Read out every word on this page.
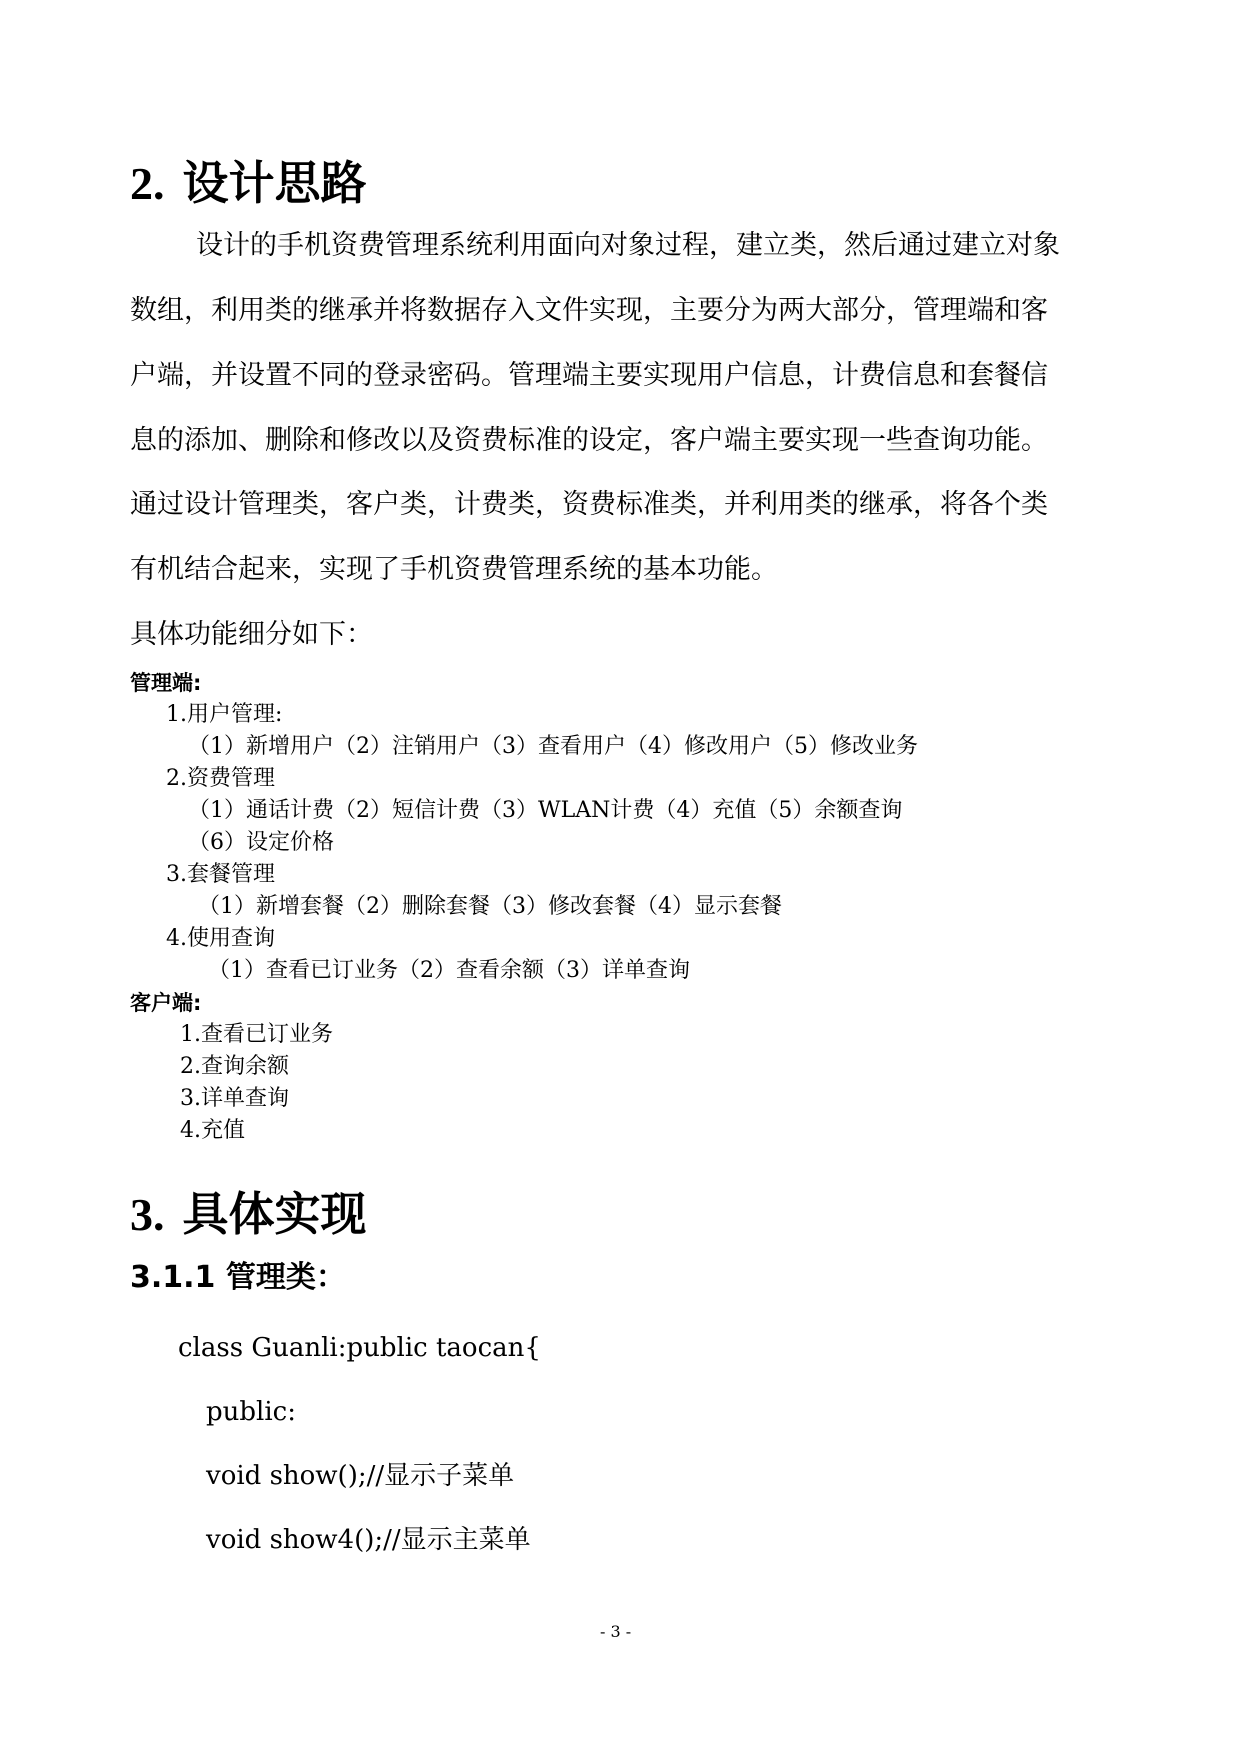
2. 设计思路
设计的手机资费管理系统利用面向对象过程，建立类，然后通过建立对象
数组，利用类的继承并将数据存入文件实现，主要分为两大部分，管理端和客
户端，并设置不同的登录密码。管理端主要实现用户信息，计费信息和套餐信
息的添加、删除和修改以及资费标准的设定，客户端主要实现一些查询功能。
通过设计管理类，客户类，计费类，资费标准类，并利用类的继承，将各个类
有机结合起来，实现了手机资费管理系统的基本功能。
具体功能细分如下：
管理端:
1.用户管理:
（1）新增用户（2）注销用户（3）查看用户（4）修改用户（5）修改业务
2.资费管理
（1）通话计费（2）短信计费（3）WLAN计费（4）充值（5）余额查询
（6）设定价格
3.套餐管理
（1）新增套餐（2）删除套餐（3）修改套餐（4）显示套餐
4.使用查询
（1）查看已订业务（2）查看余额（3）详单查询
客户端:
1.查看已订业务
2.查询余额
3.详单查询
4.充值
3. 具体实现
3.1.1 管理类：
class Guanli:public taocan{
public:
void show();//显示子菜单
void show4();//显示主菜单
- 3 -
